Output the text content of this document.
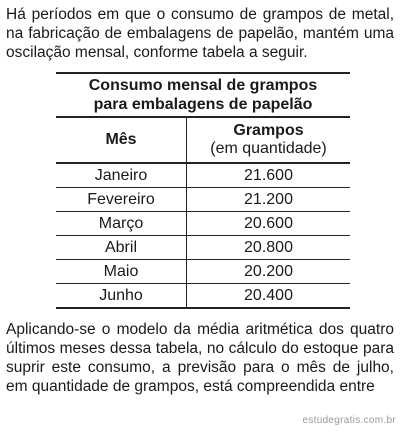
Há períodos em que o consumo de grampos de metal, na fabricação de embalagens de papelão, mantém uma oscilação mensal, conforme tabela a seguir.

Consumo mensal de grampos
para embalagens de papelão	

Mês	Grampos
(em quantidade)

Janeiro	21.600
Fevereiro	21.200
Março	20.600
Abril	20.800
Maio	20.200
Junho	20.400

Aplicando-se o modelo da média aritmética dos quatro últimos meses dessa tabela, no cálculo do estoque para suprir este consumo, a previsão para o mês de julho, em quantidade de grampos, está compreendida entre

estudegratis.com.br
